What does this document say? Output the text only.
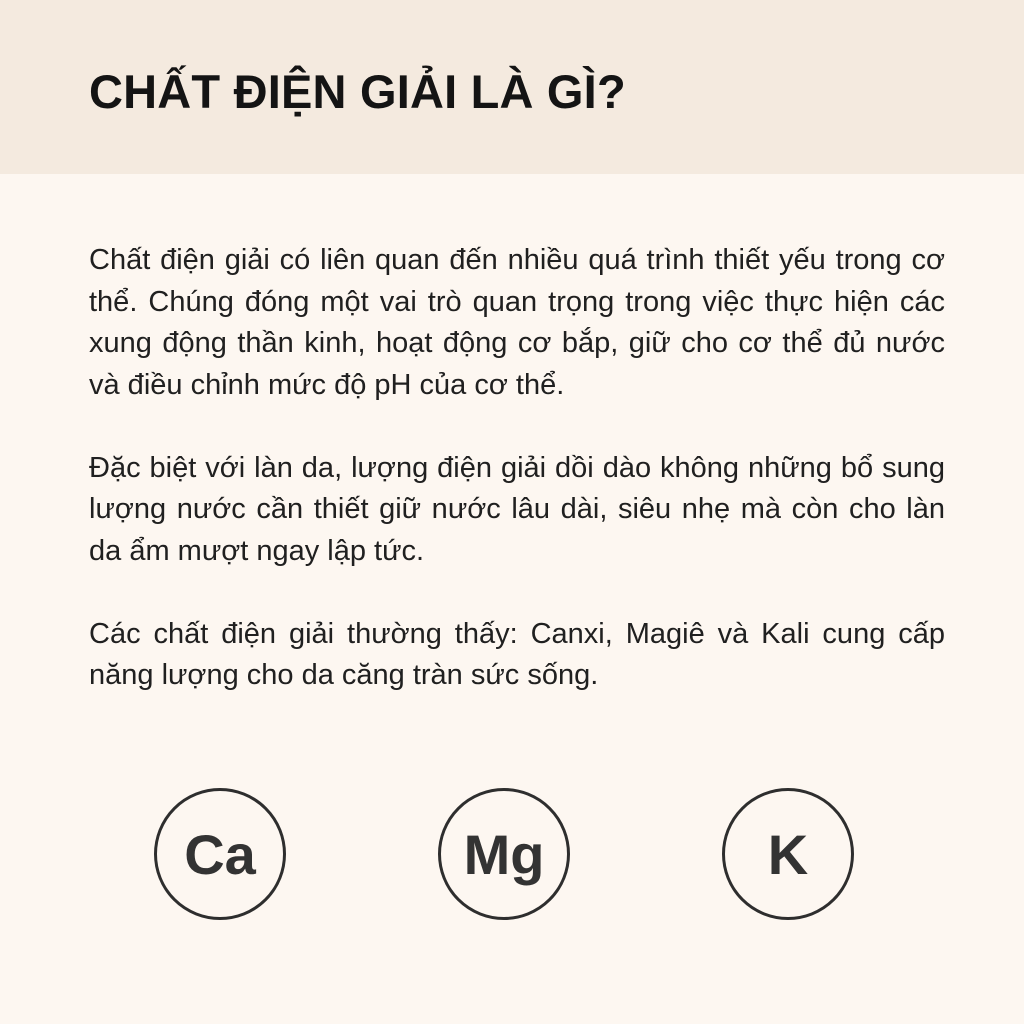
CHẤT ĐIỆN GIẢI LÀ GÌ?

Chất điện giải có liên quan đến nhiều quá trình thiết yếu trong cơ thể. Chúng đóng một vai trò quan trọng trong việc thực hiện các xung động thần kinh, hoạt động cơ bắp, giữ cho cơ thể đủ nước và điều chỉnh mức độ pH của cơ thể.

Đặc biệt với làn da, lượng điện giải dồi dào không những bổ sung lượng nước cần thiết giữ nước lâu dài, siêu nhẹ mà còn cho làn da ẩm mượt ngay lập tức.

Các chất điện giải thường thấy: Canxi, Magiê và Kali cung cấp năng lượng cho da căng tràn sức sống.

Ca	Mg	K
